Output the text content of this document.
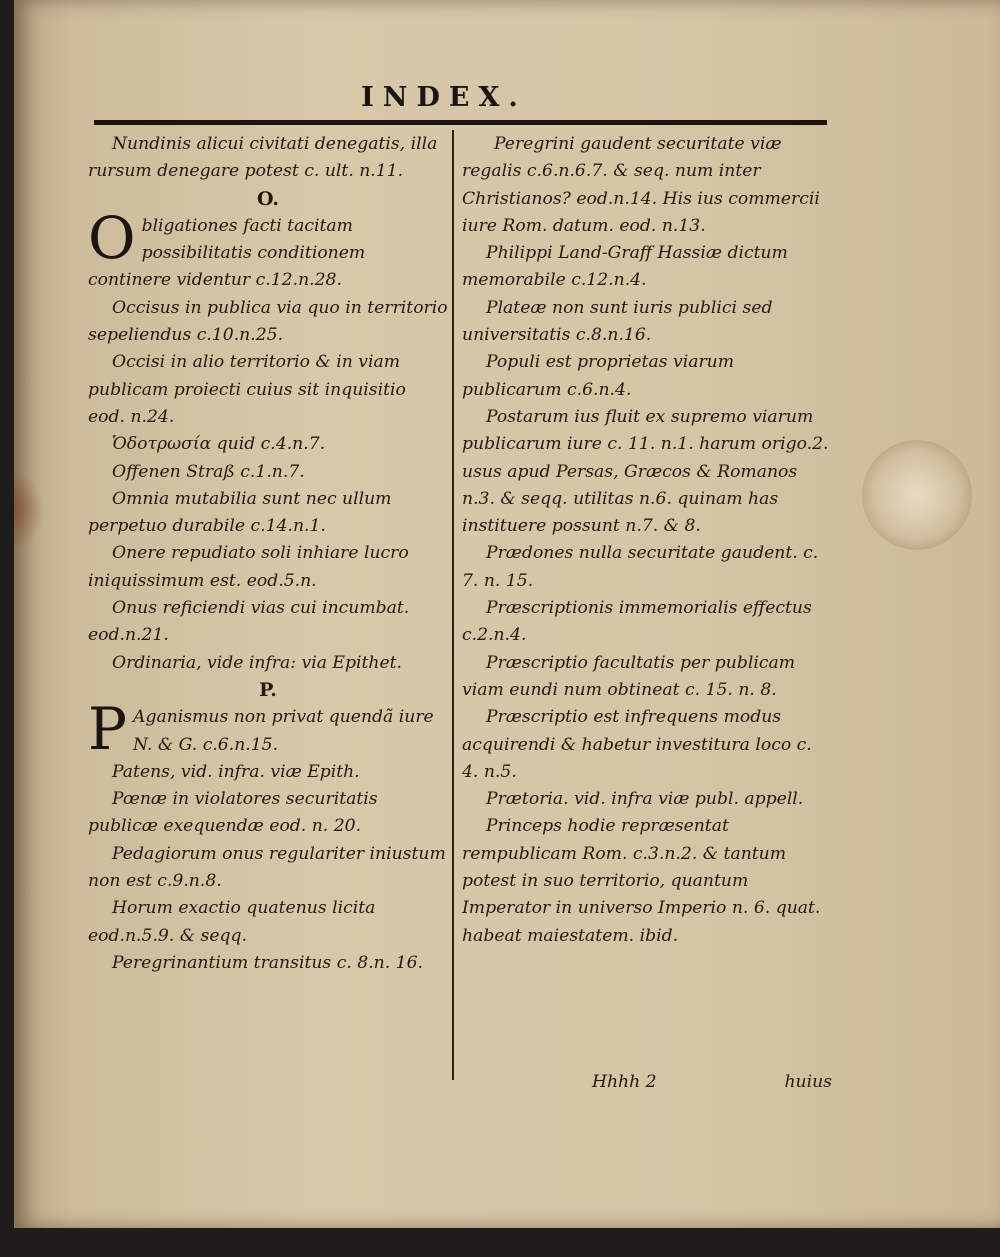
INDEX.

Nundinis alicui civitati denegatis, illa rursum denegare potest c. ult. n.11.

O.

Obligationes facti tacitam possibilitatis conditionem continere videntur c.12.n.28.

Occisus in publica via quo in territorio sepeliendus c.10.n.25.

Occisi in alio territorio & in viam publicam proiecti cuius sit inquisitio eod. n.24.

Ὁδοτρωσία quid c.4.n.7.

Offenen Straß c.1.n.7.

Omnia mutabilia sunt nec ullum perpetuo durabile c.14.n.1.

Onere repudiato soli inhiare lucro iniquissimum est. eod.5.n.

Onus reficiendi vias cui incumbat. eod.n.21.

Ordinaria, vide infra: via Epithet.

P.

P Aganismus non privat quendã iure N. & G. c.6.n.15.

Patens, vid. infra. viæ Epith.

Pœnæ in violatores securitatis publicæ exequendæ eod. n. 20.

Pedagiorum onus regulariter iniustum non est c.9.n.8.

Horum exactio quatenus licita eod.n.5.9. & seqq.

Peregrinantium transitus c. 8.n. 16.

Peregrini gaudent securitate viæ regalis c.6.n.6.7. & seq. num inter Christianos? eod.n.14. His ius commercii iure Rom. datum. eod. n.13.

Philippi Land-Graff Hassiæ dictum memorabile c.12.n.4.

Plateæ non sunt iuris publici sed universitatis c.8.n.16.

Populi est proprietas viarum publicarum c.6.n.4.

Postarum ius fluit ex supremo viarum publicarum iure c. 11. n.1. harum origo.2. usus apud Persas, Græcos & Romanos n.3. & seqq. utilitas n.6. quinam has instituere possunt n.7. & 8.

Prædones nulla securitate gaudent. c. 7. n. 15.

Præscriptionis immemorialis effectus c.2.n.4.

Præscriptio facultatis per publicam viam eundi num obtineat c. 15. n. 8.

Præscriptio est infrequens modus acquirendi & habetur investitura loco c. 4. n.5.

Prætoria. vid. infra viæ publ. appell.

Princeps hodie repræsentat rempublicam Rom. c.3.n.2. & tantum potest in suo territorio, quantum Imperator in universo Imperio n. 6. quat. habeat maiestatem. ibid.

Hhhh 2	huius
